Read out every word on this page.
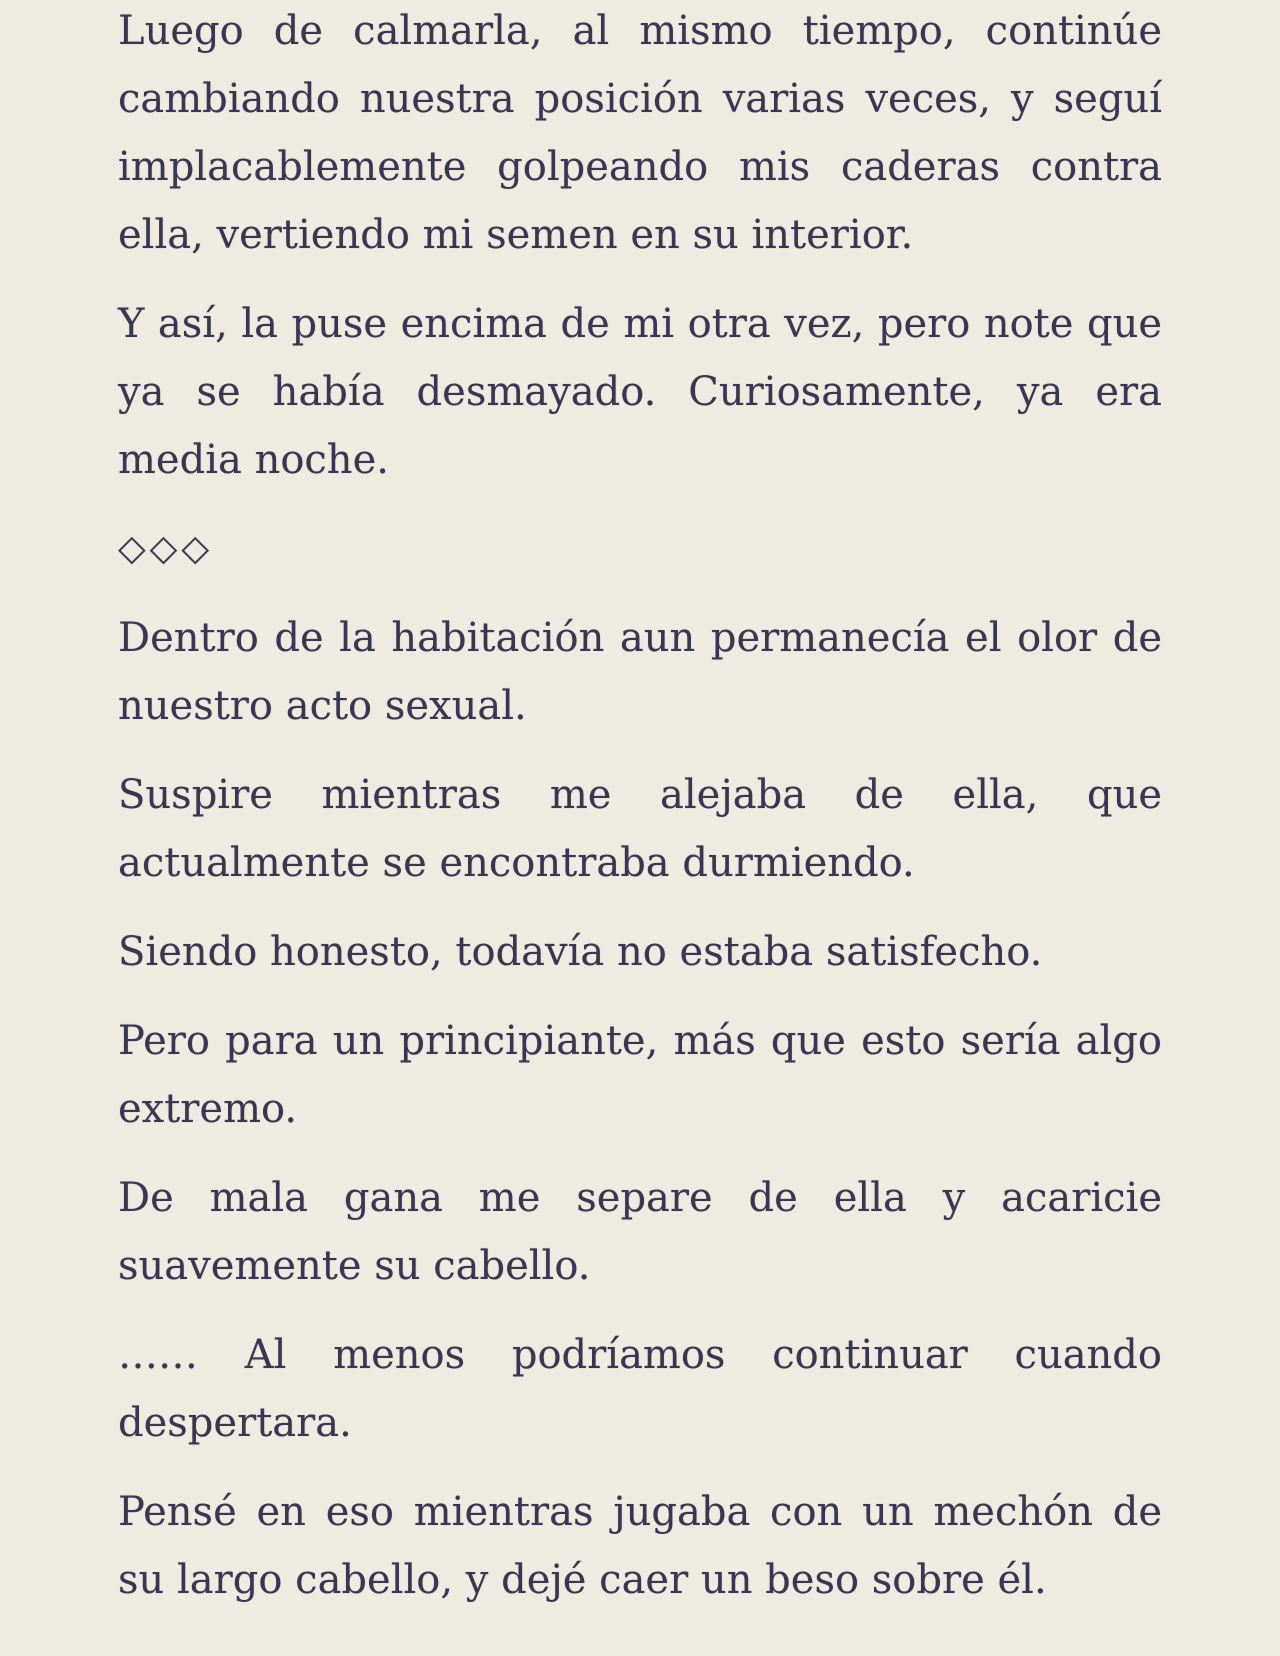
Luego de calmarla, al mismo tiempo, continúe cambiando nuestra posición varias veces, y seguí implacablemente golpeando mis caderas contra ella, vertiendo mi semen en su interior.

Y así, la puse encima de mi otra vez, pero note que ya se había desmayado. Curiosamente, ya era media noche.

◇◇◇

Dentro de la habitación aun permanecía el olor de nuestro acto sexual.

Suspire mientras me alejaba de ella, que actualmente se encontraba durmiendo.

Siendo honesto, todavía no estaba satisfecho.

Pero para un principiante, más que esto sería algo extremo.

De mala gana me separe de ella y acaricie suavemente su cabello.

…… Al menos podríamos continuar cuando despertara.

Pensé en eso mientras jugaba con un mechón de su largo cabello, y dejé caer un beso sobre él.
